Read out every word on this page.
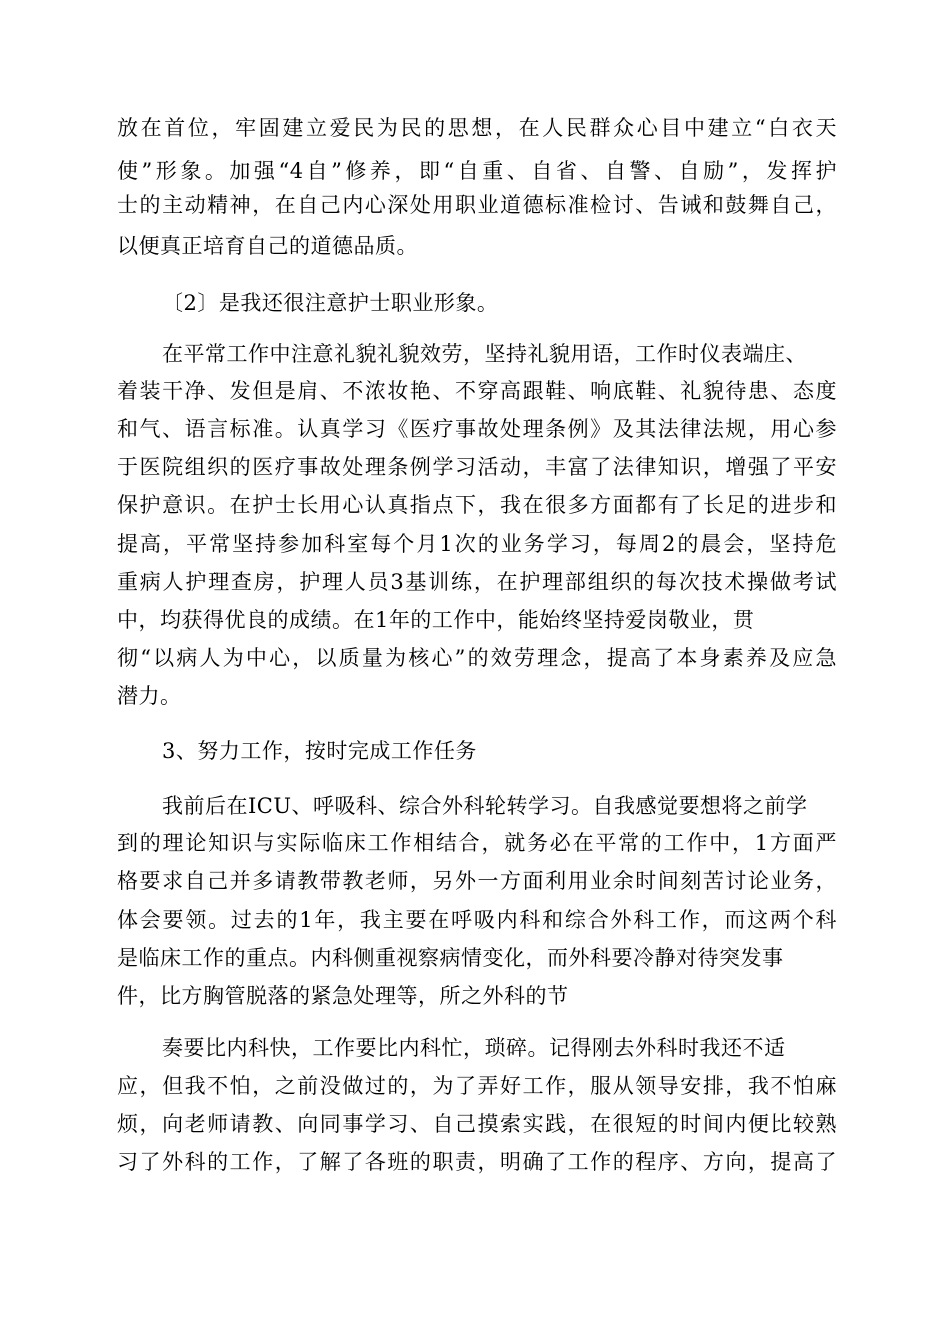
放在首位，牢固建立爱民为民的思想，在人民群众心目中建立“白衣天
使”形象。加强“4自”修养，即“自重、自省、自警、自励”，发挥护
士的主动精神，在自己内心深处用职业道德标准检讨、告诫和鼓舞自己，
以便真正培育自己的道德品质。
〔2〕是我还很注意护士职业形象。
在平常工作中注意礼貌礼貌效劳，坚持礼貌用语，工作时仪表端庄、
着装干净、发但是肩、不浓妆艳、不穿高跟鞋、响底鞋、礼貌待患、态度
和气、语言标准。认真学习《医疗事故处理条例》及其法律法规，用心参
于医院组织的医疗事故处理条例学习活动，丰富了法律知识，增强了平安
保护意识。在护士长用心认真指点下，我在很多方面都有了长足的进步和
提高，平常坚持参加科室每个月1次的业务学习，每周2的晨会，坚持危
重病人护理查房，护理人员3基训练，在护理部组织的每次技术操做考试
中，均获得优良的成绩。在1年的工作中，能始终坚持爱岗敬业，贯
彻“以病人为中心，以质量为核心”的效劳理念，提高了本身素养及应急
潜力。
3、努力工作，按时完成工作任务
我前后在ICU、呼吸科、综合外科轮转学习。自我感觉要想将之前学
到的理论知识与实际临床工作相结合，就务必在平常的工作中，1方面严
格要求自己并多请教带教老师，另外一方面利用业余时间刻苦讨论业务，
体会要领。过去的1年，我主要在呼吸内科和综合外科工作，而这两个科
是临床工作的重点。内科侧重视察病情变化，而外科要冷静对待突发事
件，比方胸管脱落的紧急处理等，所之外科的节
奏要比内科快，工作要比内科忙，琐碎。记得刚去外科时我还不适
应，但我不怕，之前没做过的，为了弄好工作，服从领导安排，我不怕麻
烦，向老师请教、向同事学习、自己摸索实践，在很短的时间内便比较熟
习了外科的工作，了解了各班的职责，明确了工作的程序、方向，提高了
